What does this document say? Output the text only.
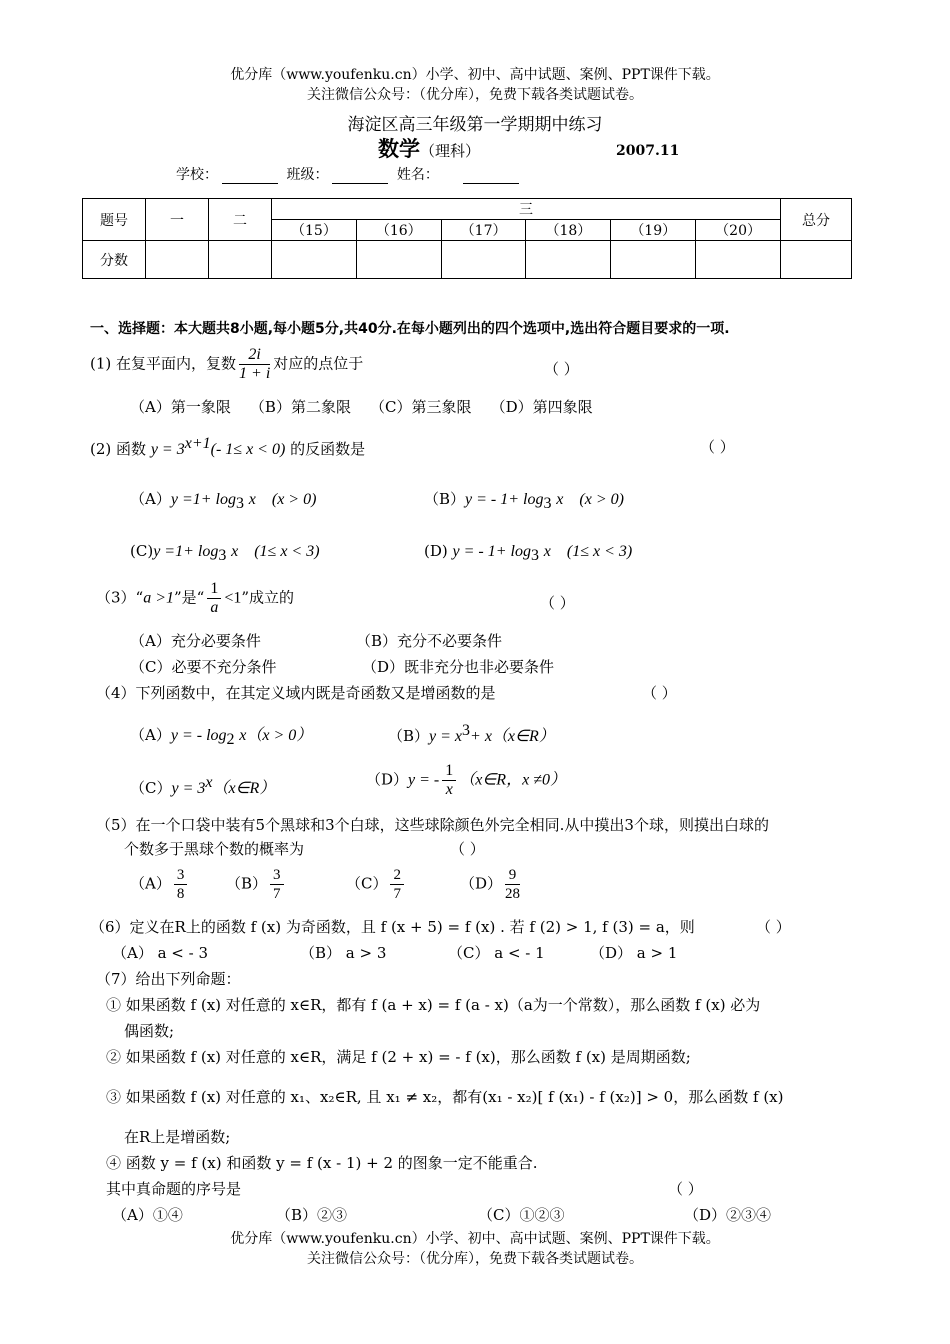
优分库（www.youfenku.cn）小学、初中、高中试题、案例、PPT课件下载。
关注微信公众号：（优分库），免费下载各类试题试卷。
海淀区高三年级第一学期期中练习
数学（理科）	2007.11
学校：	班级：	姓名：
题号	一	二	三						总分
			（15）	（16）	（17）	（18）	（19）	（20）	
分数									
一、选择题：本大题共8小题,每小题5分,共40分.在每小题列出的四个选项中,选出符合题目要求的一项.
(1) 在复平面内，复数 $\frac{2i}{1 + i}$ 对应的点位于	（ ）
（A）第一象限 （B）第二象限 （C）第三象限 （D）第四象限
(2) 函数 $y = 3^{x+1}(-$ 1≤ x < 0) 的反函数是	（ ）
$(A)y =1+ \log_3 x$　(x > 0)	（B）y = - $1+ \log_3 x$　(x > 0)
$(C)y =1+ \log_3 x$　(1≤ x < 3)	(D) y = - $1+ \log_3 x$　(1≤ x < 3)
（3）“a >1”是“ $\frac{1}{a} <1$”成立的	（ ）
（A）充分必要条件	（B）充分不必要条件
（C）必要不充分条件	（D）既非充分也非必要条件
（4）下列函数中，在其定义域内既是奇函数又是增函数的是	（ ）
（A）y = - $\log_2 x(x > 0)$	$(B)y = x^3+$ x（x∈R）
$(C)y = 3^x(x\in R)$	（D）y = - $\frac{1}{x}$ （x∈R，x ≠0）
（5）在一个口袋中装有5个黑球和3个白球，这些球除颜色外完全相同.从中摸出3个球，则摸出白球的
个数多于黑球个数的概率为	（ ）
$(A) \frac{3}{8}$	$(B) \frac{3}{7}$	$(C) \frac{2}{7}$	$(D) \frac{9}{28}$
（6）定义在R上的函数 f (x) 为奇函数，且 f (x + 5) = f (x) . 若 f (2) > 1, f (3) = a，则	（ ）
（A） a < - 3	（B） a > 3	（C） a < - 1	（D） a > 1
（7）给出下列命题：
① 如果函数 f (x) 对任意的 x∈R，都有 f (a + x) = f (a - x)（a为一个常数），那么函数 f (x) 必为
偶函数;
② 如果函数 f (x) 对任意的 x∈R，满足 f (2 + x) = - f (x)，那么函数 f (x) 是周期函数;
③ 如果函数 f (x) 对任意的 x₁、x₂∈R, 且 x₁ ≠ x₂，都有(x₁ - x₂)[ f (x₁) - f (x₂)] > 0，那么函数 f (x)
在R上是增函数;
④ 函数 y = f (x) 和函数 y = f (x - 1) + 2 的图象一定不能重合.
其中真命题的序号是	（ ）
（A）①④	（B）②③	（C）①②③	（D）②③④
优分库（www.youfenku.cn）小学、初中、高中试题、案例、PPT课件下载。
关注微信公众号：（优分库），免费下载各类试题试卷。
